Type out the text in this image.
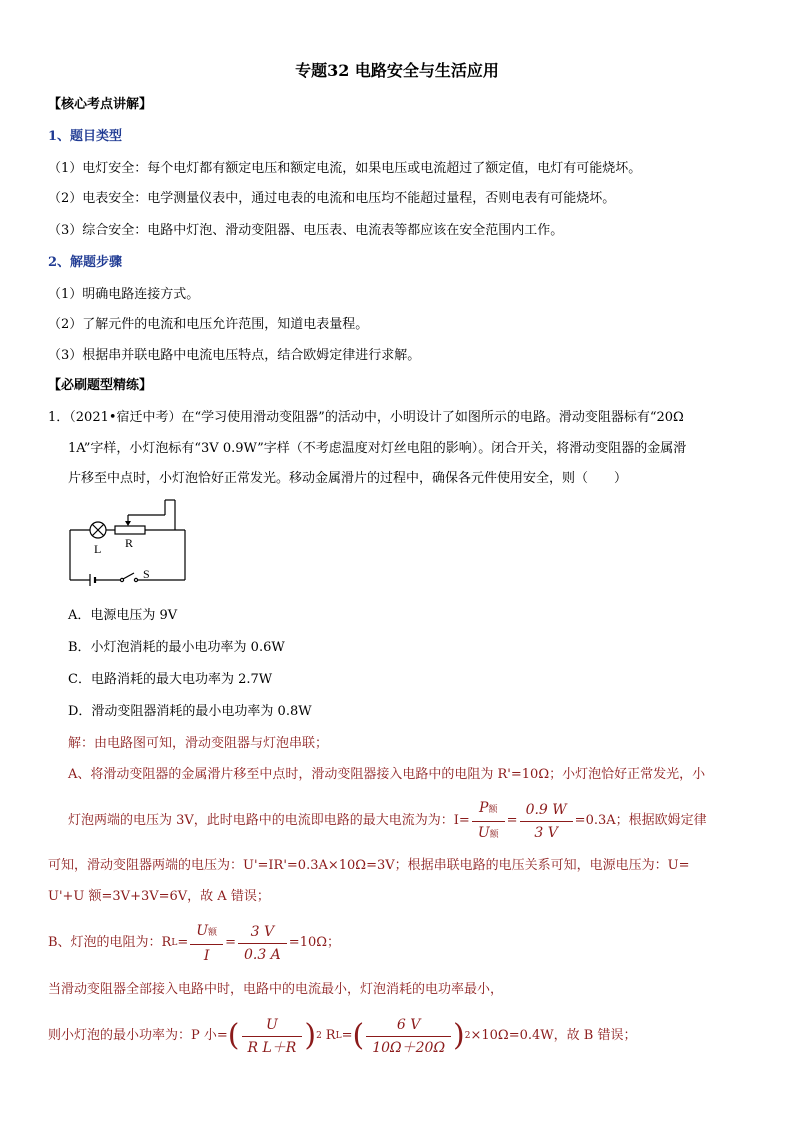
专题32 电路安全与生活应用
【核心考点讲解】
1、题目类型
（1）电灯安全：每个电灯都有额定电压和额定电流，如果电压或电流超过了额定值，电灯有可能烧坏。
（2）电表安全：电学测量仪表中，通过电表的电流和电压均不能超过量程，否则电表有可能烧坏。
（3）综合安全：电路中灯泡、滑动变阻器、电压表、电流表等都应该在安全范围内工作。
2、解题步骤
（1）明确电路连接方式。
（2）了解元件的电流和电压允许范围，知道电表量程。
（3）根据串并联电路中电流电压特点，结合欧姆定律进行求解。
【必刷题型精练】
1．（2021•宿迁中考）在“学习使用滑动变阻器”的活动中，小明设计了如图所示的电路。滑动变阻器标有“20Ω
1A”字样，小灯泡标有“3V 0.9W”字样（不考虑温度对灯丝电阻的影响）。闭合开关，将滑动变阻器的金属滑
片移至中点时，小灯泡恰好正常发光。移动金属滑片的过程中，确保各元件使用安全，则（　　）
L R
S
A．电源电压为 9V
B．小灯泡消耗的最小电功率为 0.6W
C．电路消耗的最大电功率为 2.7W
D．滑动变阻器消耗的最小电功率为 0.8W
解：由电路图可知，滑动变阻器与灯泡串联；
A、将滑动变阻器的金属滑片移至中点时，滑动变阻器接入电路中的电阻为 R'=10Ω；小灯泡恰好正常发光，小
灯泡两端的电压为 3V，此时电路中的电流即电路的最大电流为为：$I= \frac{\text{P额}}{\text{U额}} = \frac{0.9 W}{3 V} =0.3A$；根据欧姆定律
可知，滑动变阻器两端的电压为：U'=IR'=0.3A×10Ω=3V；根据串联电路的电压关系可知，电源电压为：U=
U'+U 额=3V+3V=6V，故 A 错误；
B、灯泡的电阻为：R $L = \frac{\text{U额}}{I} = \frac{3 V}{0.3 A} =10\Omega$；
当滑动变阻器全部接入电路中时，电路中的电流最小，灯泡消耗的电功率最小，
则小灯泡的最小功率为：P 小= ( $\frac{U}{\text{R L＋R}}$ ) 2 R L = ( $\frac{6 V}{10\Omega+20\Omega}$ ) 2 ×10Ω=0.4W，故 B 错误；
